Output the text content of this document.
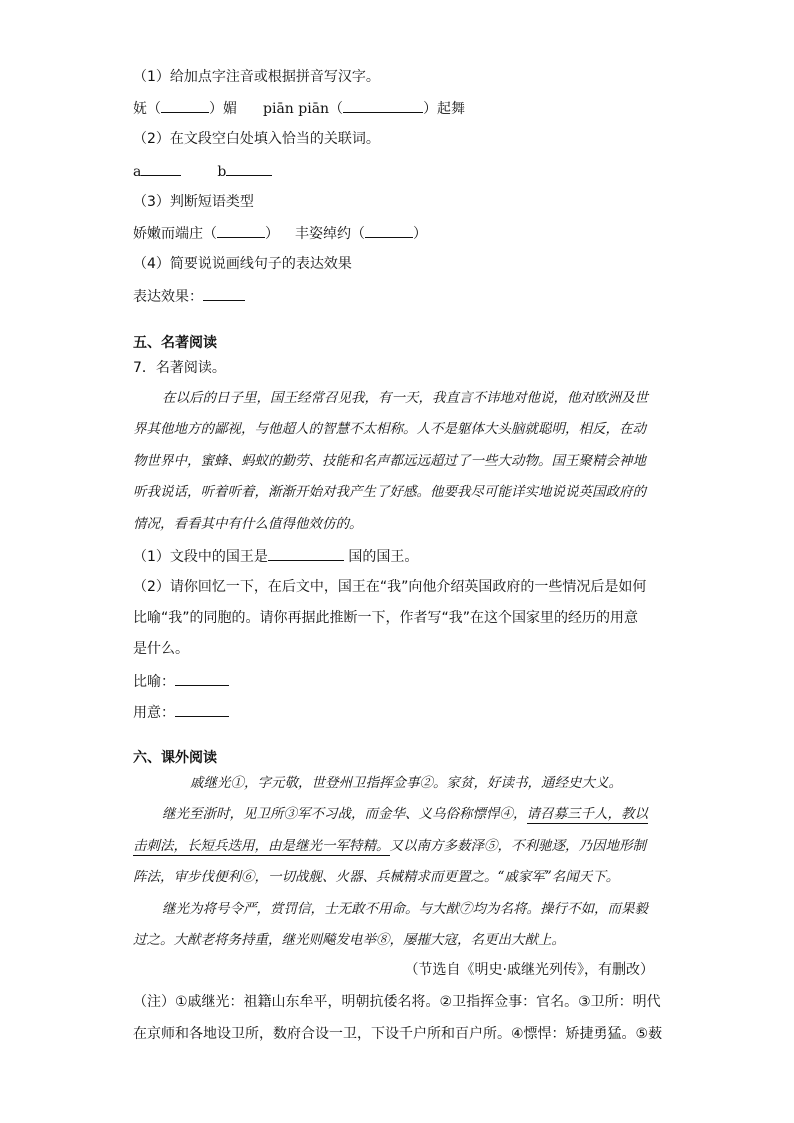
（1）给加点字注音或根据拼音写汉字。
妩（	）媚 piān piān（	）起舞
（2）在文段空白处填入恰当的关联词。
a	b
（3）判断短语类型
娇嫩而端庄（	） 丰姿绰约（	）
（4）简要说说画线句子的表达效果
表达效果：
五、名著阅读
7．名著阅读。
在以后的日子里，国王经常召见我，有一天，我直言不讳地对他说，他对欧洲及世
界其他地方的鄙视，与他超人的智慧不太相称。人不是躯体大头脑就聪明，相反，在动
物世界中，蜜蜂、蚂蚁的勤劳、技能和名声都远远超过了一些大动物。国王聚精会神地
听我说话，听着听着，渐渐开始对我产生了好感。他要我尽可能详实地说说英国政府的
情况，看看其中有什么值得他效仿的。
（1）文段中的国王是	国的国王。
（2）请你回忆一下，在后文中，国王在“我”向他介绍英国政府的一些情况后是如何
比喻“我”的同胞的。请你再据此推断一下，作者写“我”在这个国家里的经历的用意
是什么。
比喻：
用意：
六、课外阅读
戚继光①，字元敬，世登州卫指挥佥事②。家贫，好读书，通经史大义。
继光至浙时，见卫所③军不习战，而金华、义乌俗称慓悍④，请召募三千人，教以
击刺法，长短兵迭用，由是继光一军特精。又以南方多薮泽⑤，不利驰逐，乃因地形制
阵法，审步伐便利⑥，一切战舰、火器、兵械精求而更置之。“戚家军”名闻天下。
继光为将号令严，赏罚信，士无敢不用命。与大猷⑦均为名将。操行不如，而果毅
过之。大猷老将务持重，继光则飚发电举⑧，屡摧大寇，名更出大猷上。
（节选自《明史·戚继光列传》，有删改）
（注）①戚继光：祖籍山东牟平，明朝抗倭名将。②卫指挥佥事：官名。③卫所：明代
在京师和各地设卫所，数府合设一卫，下设千户所和百户所。④慓悍：矫捷勇猛。⑤薮
